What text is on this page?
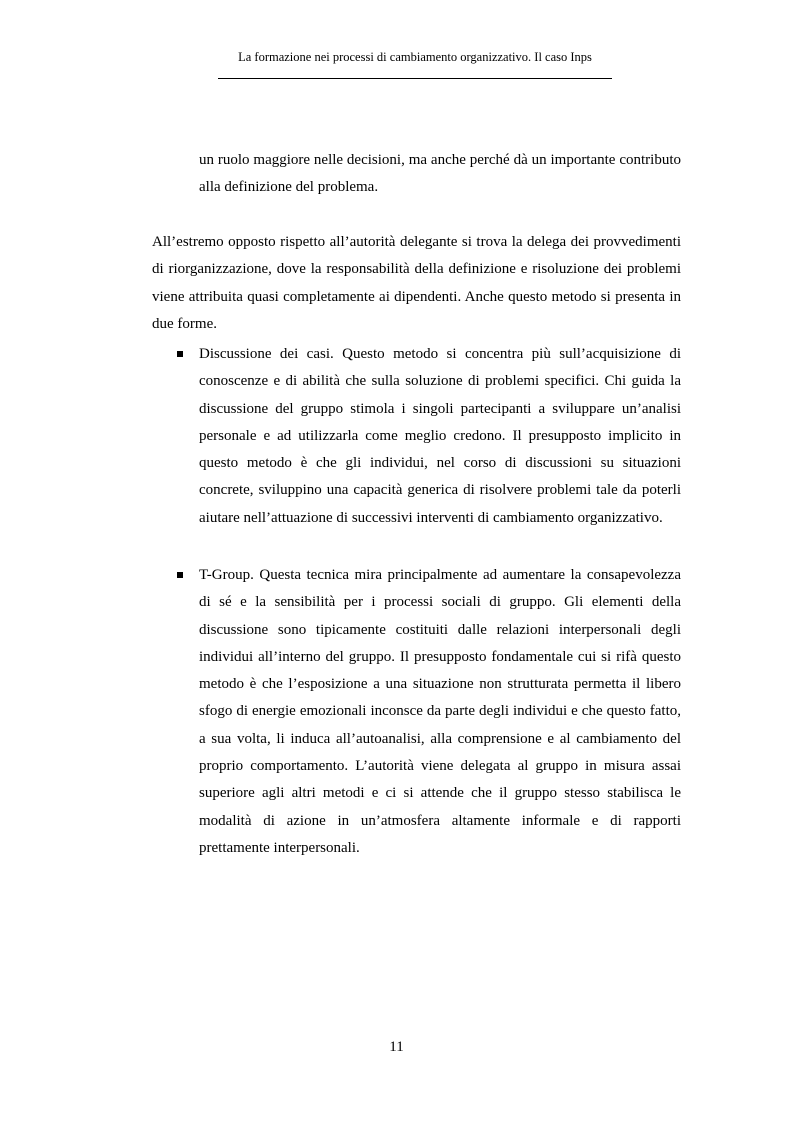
La formazione nei processi di cambiamento organizzativo. Il caso Inps

un ruolo maggiore nelle decisioni, ma anche perché dà un importante contributo alla definizione del problema.

All’estremo opposto rispetto all’autorità delegante si trova la delega dei provvedimenti di riorganizzazione, dove la responsabilità della definizione e risoluzione dei problemi viene attribuita quasi completamente ai dipendenti. Anche questo metodo si presenta in due forme.

Discussione dei casi. Questo metodo si concentra più sull’acquisizione di conoscenze e di abilità che sulla soluzione di problemi specifici. Chi guida la discussione del gruppo stimola i singoli partecipanti a sviluppare un’analisi personale e ad utilizzarla come meglio credono. Il presupposto implicito in questo metodo è che gli individui, nel corso di discussioni su situazioni concrete, sviluppino una capacità generica di risolvere problemi tale da poterli aiutare nell’attuazione di successivi interventi di cambiamento organizzativo.
T-Group. Questa tecnica mira principalmente ad aumentare la consapevolezza di sé e la sensibilità per i processi sociali di gruppo. Gli elementi della discussione sono tipicamente costituiti dalle relazioni interpersonali degli individui all’interno del gruppo. Il presupposto fondamentale cui si rifà questo metodo è che l’esposizione a una situazione non strutturata permetta il libero sfogo di energie emozionali inconsce da parte degli individui e che questo fatto, a sua volta, li induca all’autoanalisi, alla comprensione e al cambiamento del proprio comportamento. L’autorità viene delegata al gruppo in misura assai superiore agli altri metodi e ci si attende che il gruppo stesso stabilisca le modalità di azione in un’atmosfera altamente informale e di rapporti prettamente interpersonali.
11
